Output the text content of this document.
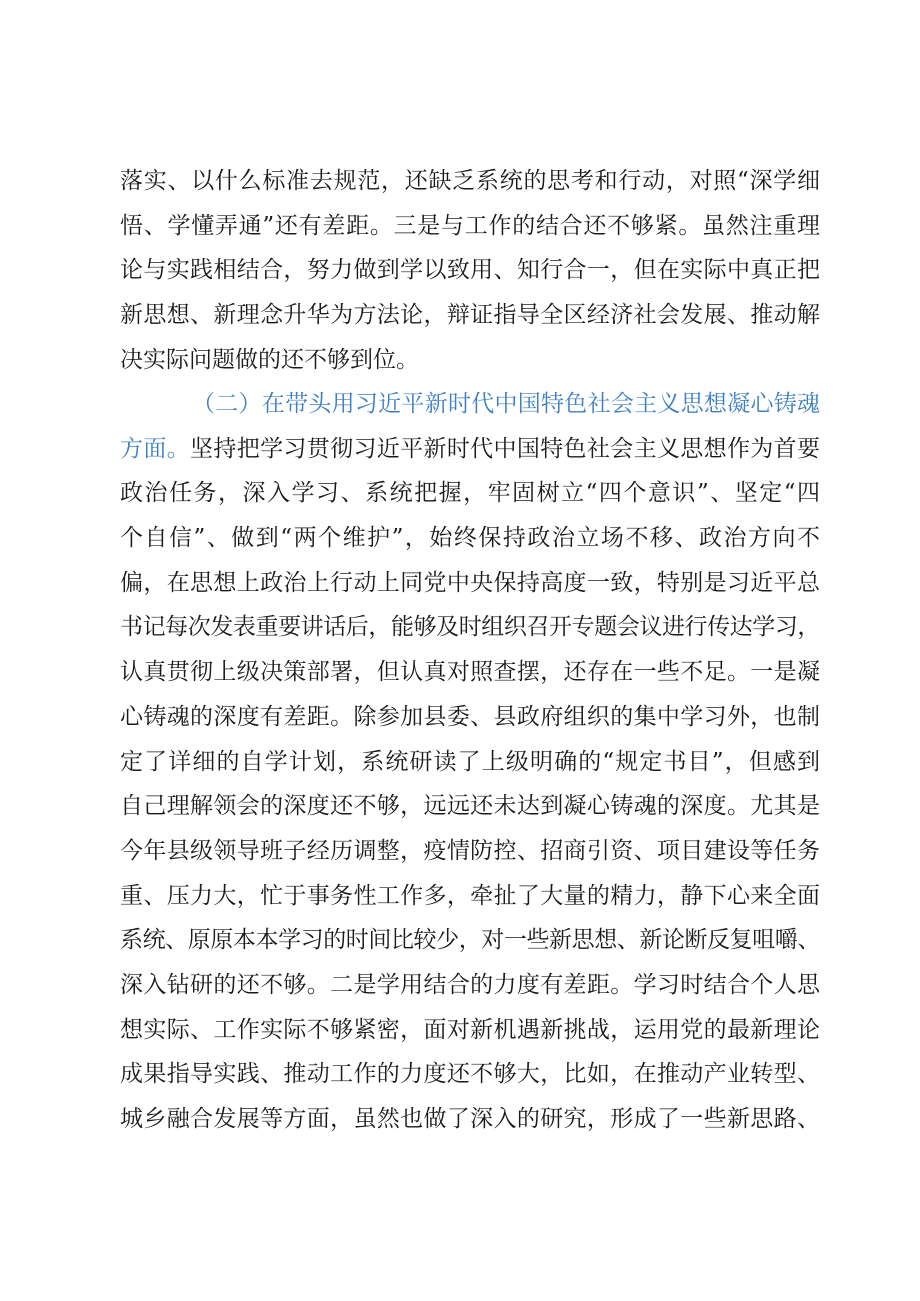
落实、以什么标准去规范，还缺乏系统的思考和行动，对照“深学细
悟、学懂弄通”还有差距。三是与工作的结合还不够紧。虽然注重理
论与实践相结合，努力做到学以致用、知行合一，但在实际中真正把
新思想、新理念升华为方法论，辩证指导全区经济社会发展、推动解
决实际问题做的还不够到位。
（二）在带头用习近平新时代中国特色社会主义思想凝心铸魂
方面。坚持把学习贯彻习近平新时代中国特色社会主义思想作为首要
政治任务，深入学习、系统把握，牢固树立“四个意识”、坚定“四
个自信”、做到“两个维护”，始终保持政治立场不移、政治方向不
偏，在思想上政治上行动上同党中央保持高度一致，特别是习近平总
书记每次发表重要讲话后，能够及时组织召开专题会议进行传达学习，
认真贯彻上级决策部署，但认真对照查摆，还存在一些不足。一是凝
心铸魂的深度有差距。除参加县委、县政府组织的集中学习外，也制
定了详细的自学计划，系统研读了上级明确的“规定书目”，但感到
自己理解领会的深度还不够，远远还未达到凝心铸魂的深度。尤其是
今年县级领导班子经历调整，疫情防控、招商引资、项目建设等任务
重、压力大，忙于事务性工作多，牵扯了大量的精力，静下心来全面
系统、原原本本学习的时间比较少，对一些新思想、新论断反复咀嚼、
深入钻研的还不够。二是学用结合的力度有差距。学习时结合个人思
想实际、工作实际不够紧密，面对新机遇新挑战，运用党的最新理论
成果指导实践、推动工作的力度还不够大，比如，在推动产业转型、
城乡融合发展等方面，虽然也做了深入的研究，形成了一些新思路、
